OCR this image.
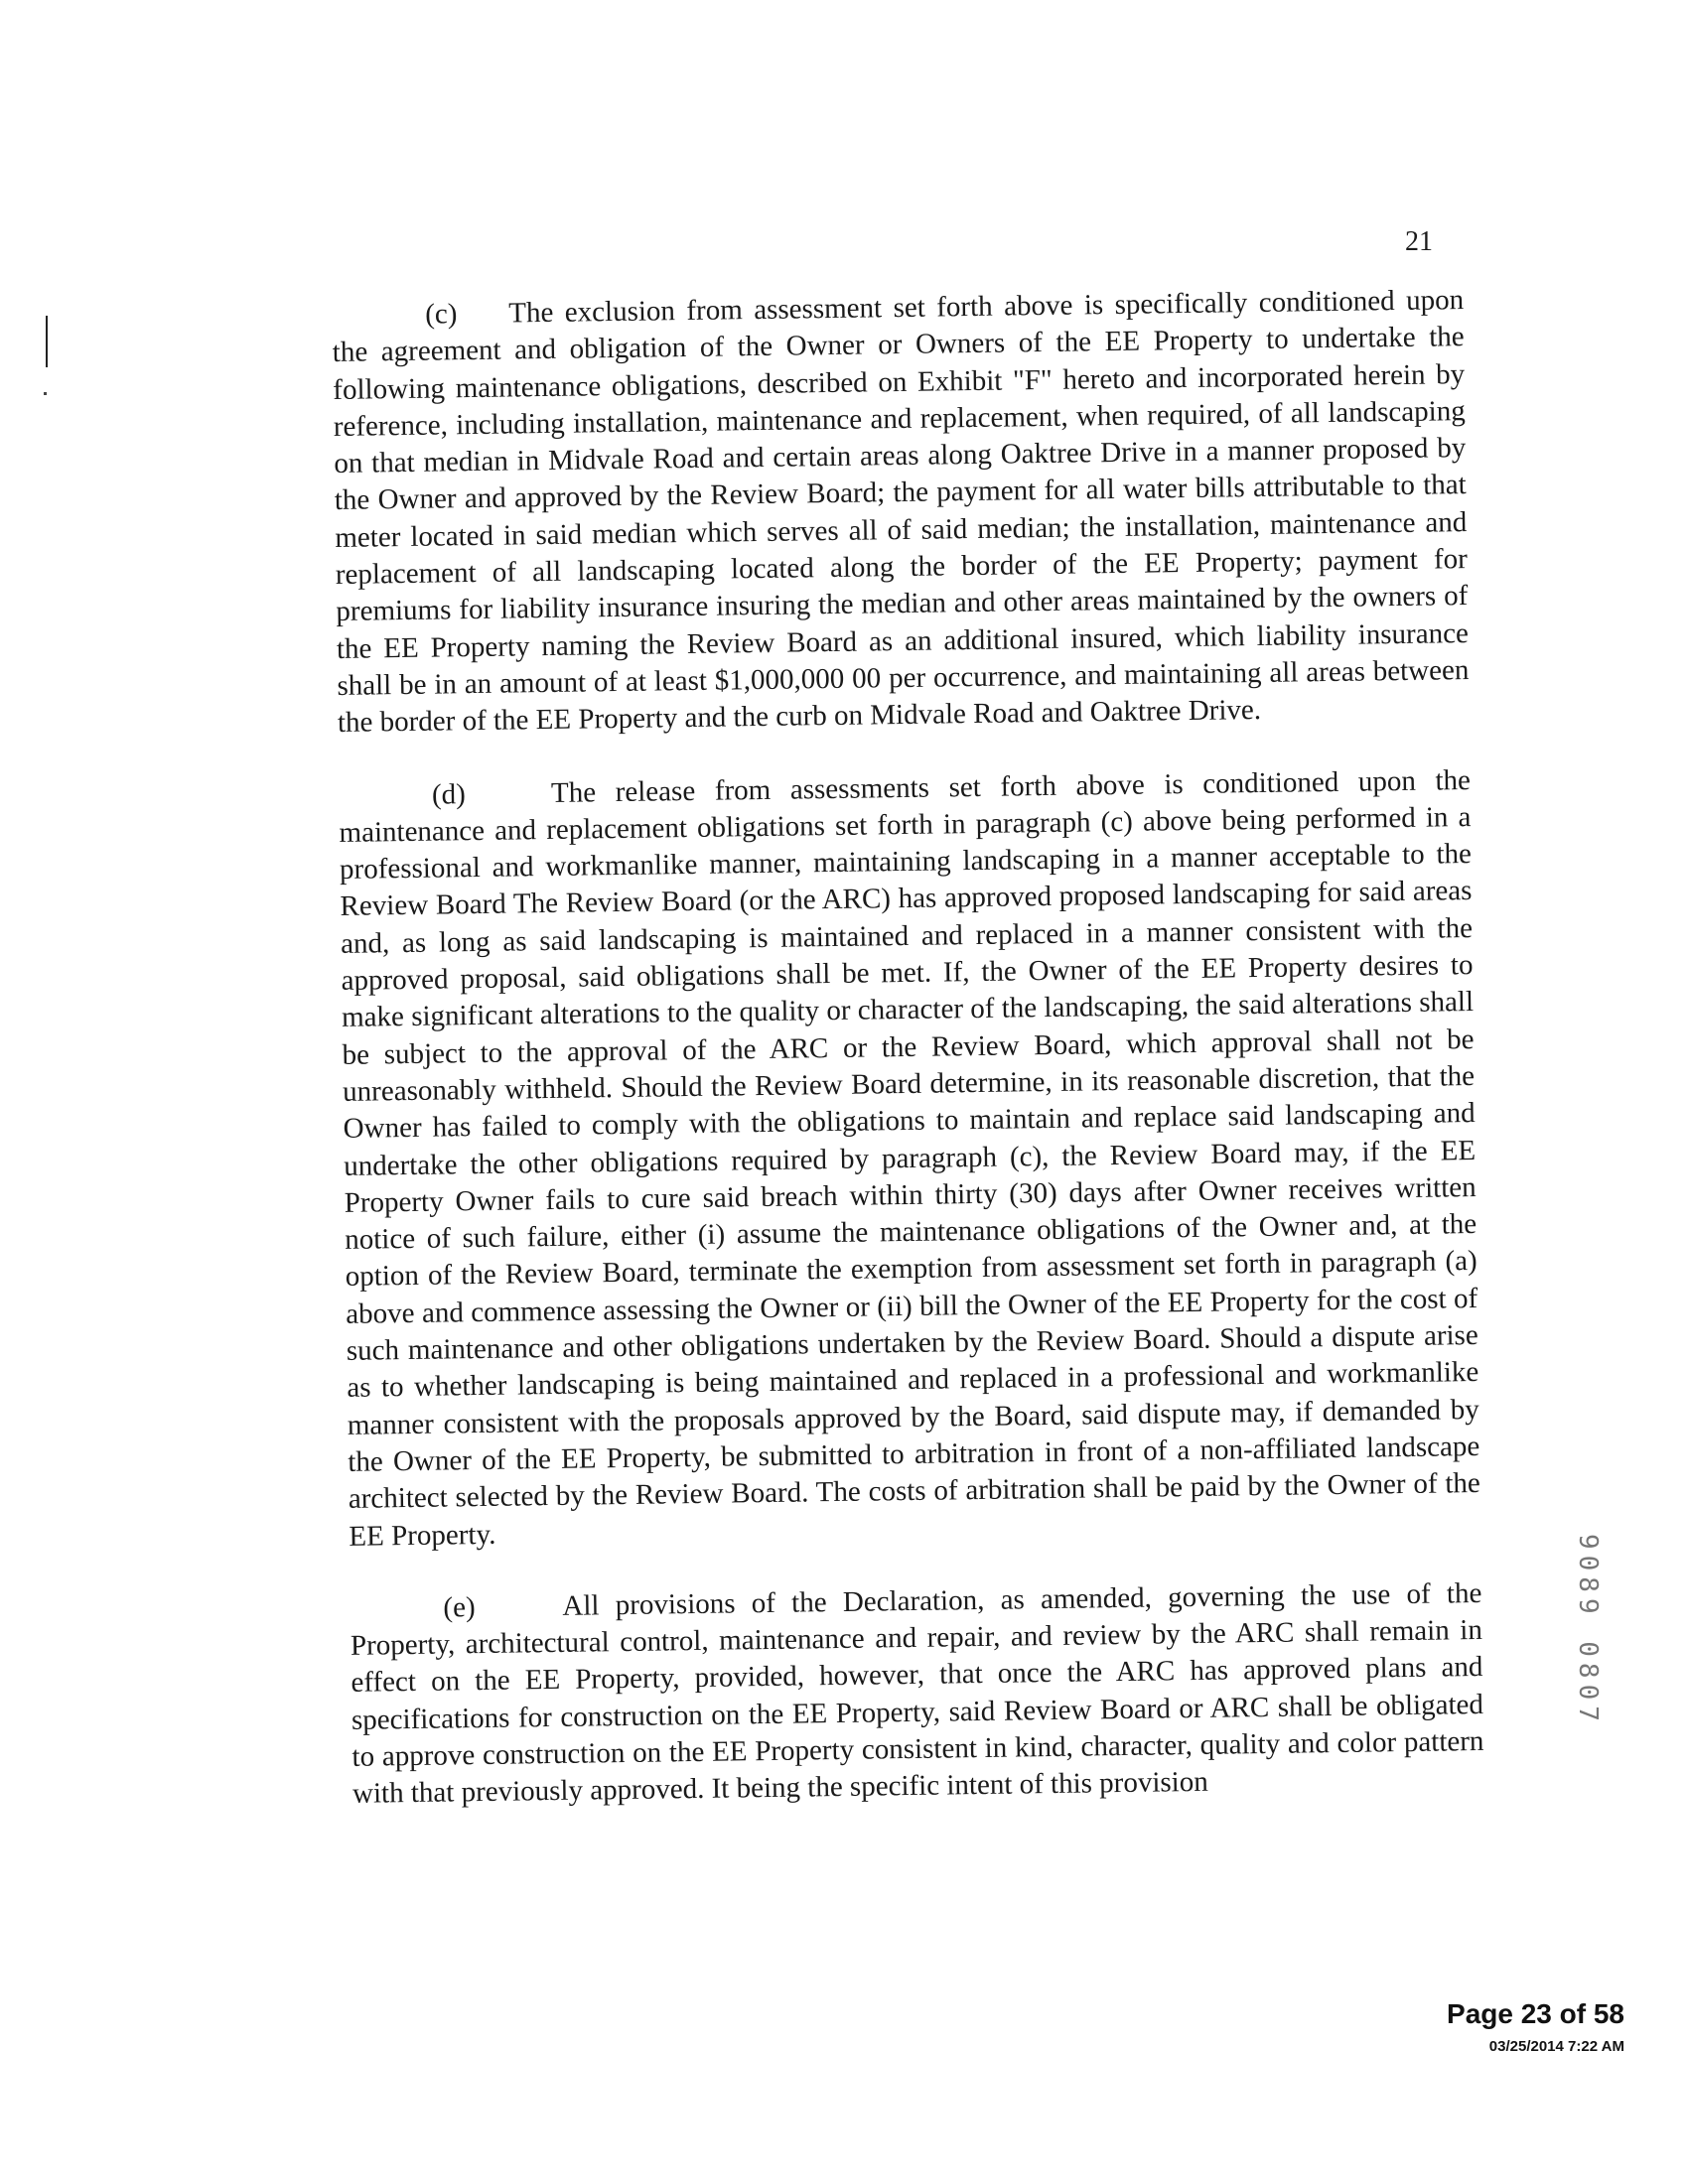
21

(c) The exclusion from assessment set forth above is specifically conditioned upon the agreement and obligation of the Owner or Owners of the EE Property to undertake the following maintenance obligations, described on Exhibit "F" hereto and incorporated herein by reference, including installation, maintenance and replacement, when required, of all landscaping on that median in Midvale Road and certain areas along Oaktree Drive in a manner proposed by the Owner and approved by the Review Board; the payment for all water bills attributable to that meter located in said median which serves all of said median; the installation, maintenance and replacement of all landscaping located along the border of the EE Property; payment for premiums for liability insurance insuring the median and other areas maintained by the owners of the EE Property naming the Review Board as an additional insured, which liability insurance shall be in an amount of at least $1,000,000 00 per occurrence, and maintaining all areas between the border of the EE Property and the curb on Midvale Road and Oaktree Drive.

(d)	The release from assessments set forth above is conditioned upon the maintenance and replacement obligations set forth in paragraph (c) above being performed in a professional and workmanlike manner, maintaining landscaping in a manner acceptable to the Review Board The Review Board (or the ARC) has approved proposed landscaping for said areas and, as long as said landscaping is maintained and replaced in a manner consistent with the approved proposal, said obligations shall be met. If, the Owner of the EE Property desires to make significant alterations to the quality or character of the landscaping, the said alterations shall be subject to the approval of the ARC or the Review Board, which approval shall not be unreasonably withheld. Should the Review Board determine, in its reasonable discretion, that the Owner has failed to comply with the obligations to maintain and replace said landscaping and undertake the other obligations required by paragraph (c), the Review Board may, if the EE Property Owner fails to cure said breach within thirty (30) days after Owner receives written notice of such failure, either (i) assume the maintenance obligations of the Owner and, at the option of the Review Board, terminate the exemption from assessment set forth in paragraph (a) above and commence assessing the Owner or (ii) bill the Owner of the EE Property for the cost of such maintenance and other obligations undertaken by the Review Board. Should a dispute arise as to whether landscaping is being maintained and replaced in a professional and workmanlike manner consistent with the proposals approved by the Board, said dispute may, if demanded by the Owner of the EE Property, be submitted to arbitration in front of a non-affiliated landscape architect selected by the Review Board. The costs of arbitration shall be paid by the Owner of the EE Property.

(e)	All provisions of the Declaration, as amended, governing the use of the Property, architectural control, maintenance and repair, and review by the ARC shall remain in effect on the EE Property, provided, however, that once the ARC has approved plans and specifications for construction on the EE Property, said Review Board or ARC shall be obligated to approve construction on the EE Property consistent in kind, character, quality and color pattern with that previously approved. It being the specific intent of this provision

9089 0807
Page 23 of 58
03/25/2014 7:22 AM
